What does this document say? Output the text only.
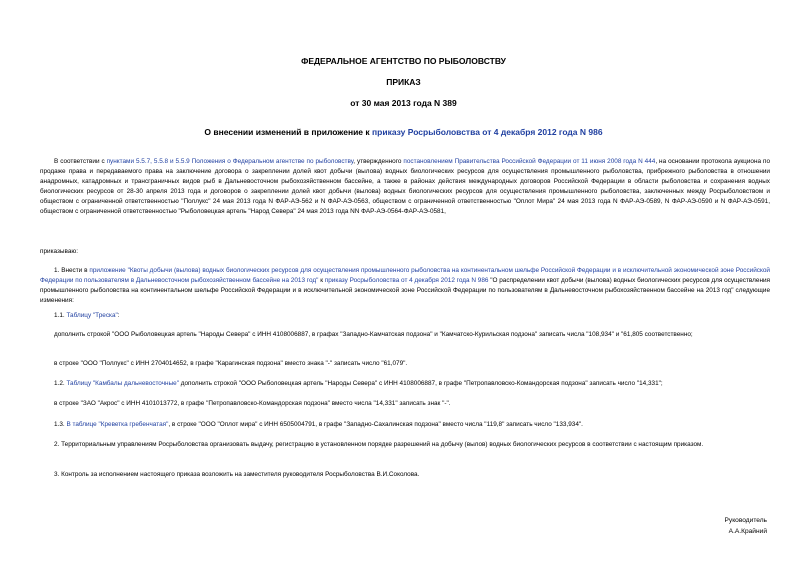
ФЕДЕРАЛЬНОЕ АГЕНТСТВО ПО РЫБОЛОВСТВУ
ПРИКАЗ
от 30 мая 2013 года N 389
О внесении изменений в приложение к приказу Росрыболовства от 4 декабря 2012 года N 986

В соответствии с пунктами 5.5.7, 5.5.8 и 5.5.9 Положения о Федеральном агентстве по рыболовству, утвержденного постановлением Правительства Российской Федерации от 11 июня 2008 года N 444, на основании протокола аукциона по продаже права и передаваемого права на заключение договора о закреплении долей квот добычи (вылова) водных биологических ресурсов для осуществления промышленного рыболовства, прибрежного рыболовства в отношении анадромных, катадромных и трансграничных видов рыб в Дальневосточном рыбохозяйственном бассейне, а также в районах действия международных договоров Российской Федерации в области рыболовства и сохранения водных биологических ресурсов от 28-30 апреля 2013 года и договоров о закреплении долей квот добычи (вылова) водных биологических ресурсов для осуществления промышленного рыболовства, заключенных между Росрыболовством и обществом с ограниченной ответственностью "Поллукс" 24 мая 2013 года N ФАР-АЭ-562 и N ФАР-АЭ-0563, обществом с ограниченной ответственностью "Оплот Мира" 24 мая 2013 года N ФАР-АЭ-0589, N ФАР-АЭ-0590 и N ФАР-АЭ-0591, обществом с ограниченной ответственностью "Рыболовецкая артель "Народ Севера" 24 мая 2013 года NN ФАР-АЭ-0564-ФАР-АЭ-0581,

приказываю:

1. Внести в приложение "Квоты добычи (вылова) водных биологических ресурсов для осуществления промышленного рыболовства на континентальном шельфе Российской Федерации и в исключительной экономической зоне Российской Федерации по пользователям в Дальневосточном рыбохозяйственном бассейне на 2013 год" к приказу Росрыболовства от 4 декабря 2012 года N 986 "О распределении квот добычи (вылова) водных биологических ресурсов для осуществления промышленного рыболовства на континентальном шельфе Российской Федерации и в исключительной экономической зоне Российской Федерации по пользователям в Дальневосточном рыбохозяйственном бассейне на 2013 год" следующие изменения:

1.1. Таблицу "Треска":

дополнить строкой "ООО Рыболовецкая артель "Народы Севера" с ИНН 4108006887, в графах "Западно-Камчатская подзона" и "Камчатско-Курильская подзона" записать числа "108,934" и "61,805 соответственно;

в строке "ООО "Поллукс" с ИНН 2704014652, в графе "Карагинская подзона" вместо знака "-" записать число "61,079".

1.2. Таблицу "Камбалы дальневосточные" дополнить строкой "ООО Рыболовецкая артель "Народы Севера" с ИНН 4108006887, в графе "Петропавловско-Командорская подзона" записать число "14,331";

в строке "ЗАО "Акрос" с ИНН 4101013772, в графе "Петропавловско-Командорская подзона" вместо числа "14,331" записать знак "-".

1.3. В таблице "Креветка гребенчатая", в строке "ООО "Оплот мира" с ИНН 6505004791, в графе "Западно-Сахалинская подзона" вместо числа "119,8" записать число "133,934".

2. Территориальным управлениям Росрыболовства организовать выдачу, регистрацию в установленном порядке разрешений на добычу (вылов) водных биологических ресурсов в соответствии с настоящим приказом.

3. Контроль за исполнением настоящего приказа возложить на заместителя руководителя Росрыболовства В.И.Соколова.

Руководитель
А.А.Крайний
